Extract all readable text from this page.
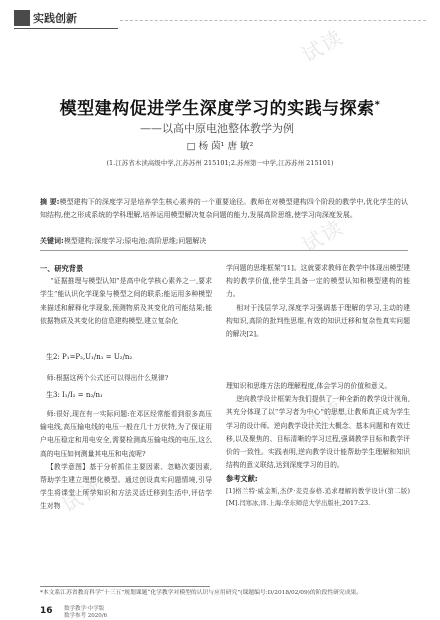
试读
试读
试读
试读
实践创新
模型建构促进学生深度学习的实践与探索*
——以高中原电池整体教学为例
□ 杨 茵¹ 唐 敏²
(1.江苏省木渎高级中学,江苏苏州 215101;2.苏州第一中学,江苏苏州 215101)
摘 要:模型建构下的深度学习是培养学生核心素养的一个重要途径。教师在对模型建构四个阶段的教学中,优化学生的认知结构,使之形成系统的学科理解,培养运用模型解决复杂问题的能力,发展高阶思维,使学习向深度发展。
关键词:模型建构;深度学习;原电池;高阶思维;问题解决

一、研究背景

“证据推理与模型认知”是高中化学核心素养之一,要求学生“能认识化学现象与模型之间的联系;能运用多种模型来描述和解释化学现象,预测物质及其变化的可能结果;能依据物质及其变化的信息建构模型,建立复杂化

生2: P₁=P₂,U₁/n₁ = U₂/n₂

师:根据这两个公式还可以得出什么规律?

生3: I₁/I₂ = n₂/n₁

师:很好,现在有一实际问题:在邓区经常能看到很多高压输电线,高压输电线的电压一般在几十万伏特,为了保证用户电压稳定和用电安全,需要检测高压输电线的电压,这么高的电压如何测量其电压和电流呢?

【教学意图】基于分析抓住主要因素、忽略次要因素,帮助学生建立理想化模型。通过创设真实问题情境,引导学生将课堂上所学知识和方法灵活迁移到生活中,评估学生对物

学问题的思维框架”[1]。这就要求教师在教学中体现出模型建构的教学价值,使学生具备一定的模型认知和模型建构的能力。

相对于浅层学习,深度学习强调基于理解的学习,主动的建构知识,高阶的批判性思维,有效的知识迁移和复杂性真实问题的解决[2]。

理知识和思维方法的理解程度,体会学习的价值和意义。

逆向教学设计框架为我们提供了一种全新的教学设计视角,其充分体现了以“学习者为中心”的思想,让教师真正成为学生学习的设计师。逆向教学设计关注大概念、基本问题和有效迁移,以及聚焦的、目标清晰的学习过程,强调教学目标和教学评价的一致性。实践表明,逆向教学设计能帮助学生理解和知识结构的意义联结,达到深度学习的目的。

参考文献:

[1]格兰特·威金斯,杰伊·麦克泰格.追求理解的教学设计(第二版)[M].闫寒冰,译.上海:华东师范大学出版社,2017:23.

*本文系江苏省教育科学“十三五”规划课题“化学教学对模型的认识与应用研究”(课题编号:D/2018/02/09)的阶段性研究成果。
16 数学教学·中学版
数学参考 2020/6
